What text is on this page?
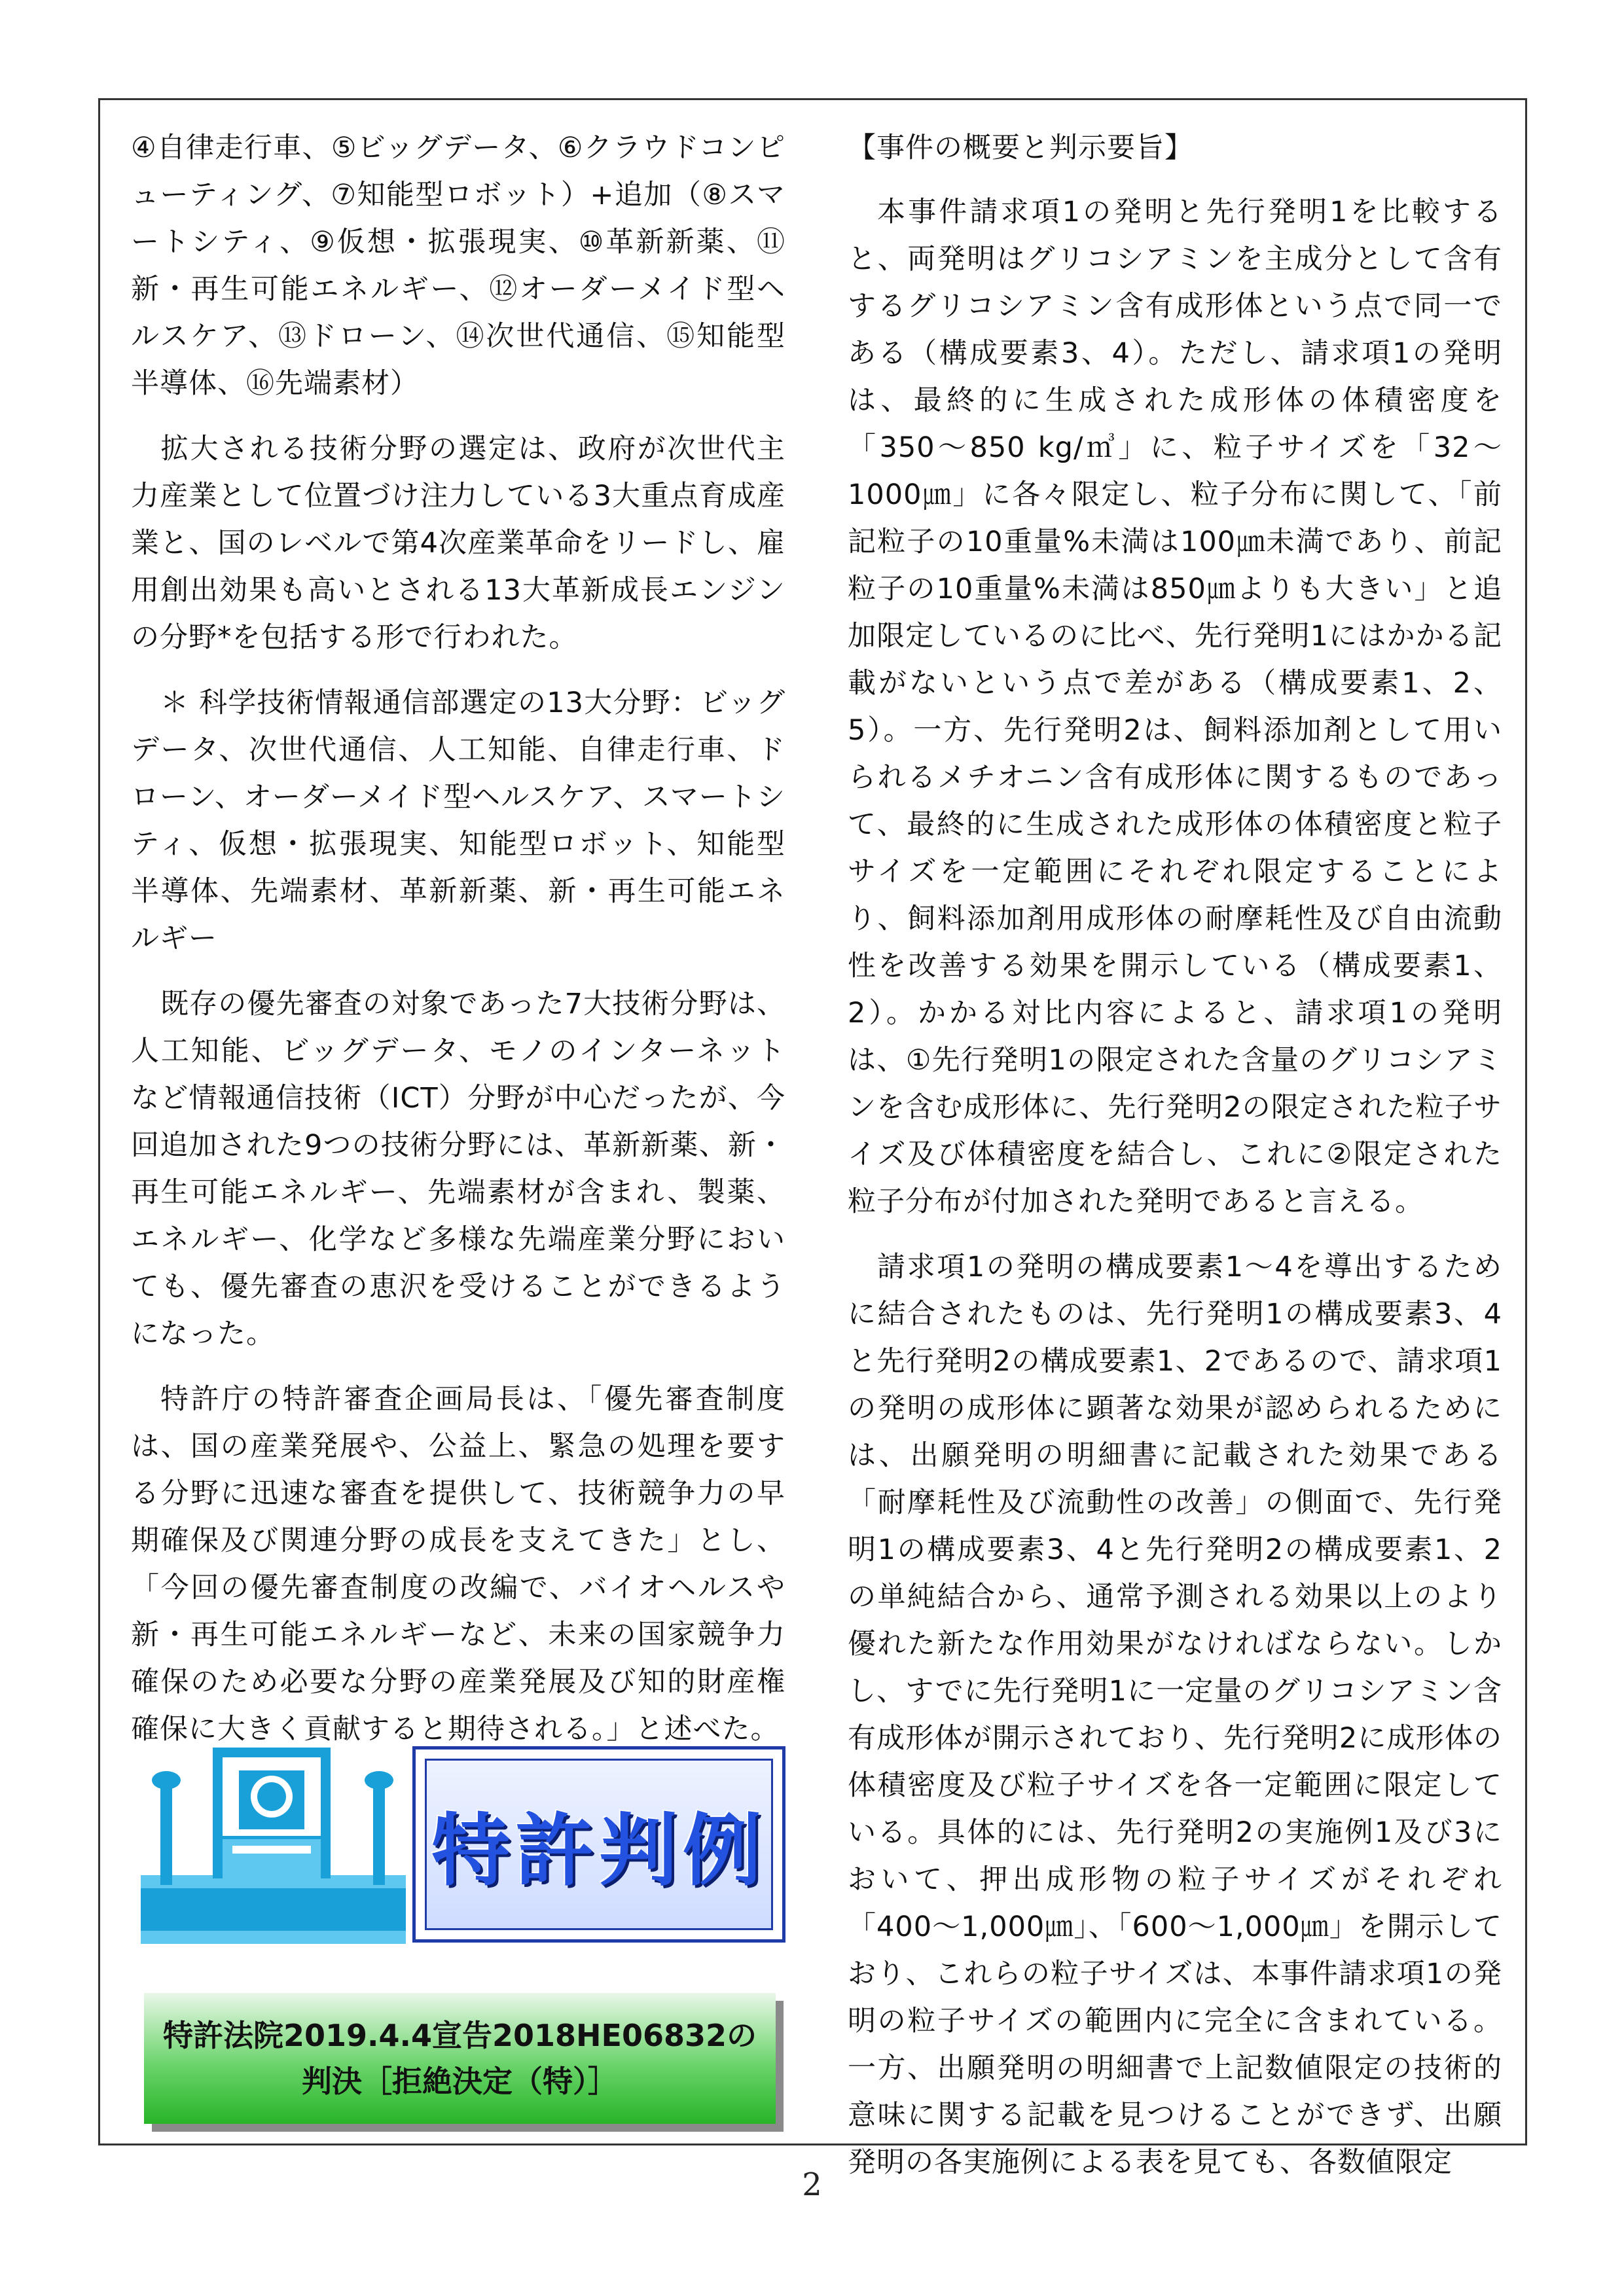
④自律走行車、⑤ビッグデータ、⑥クラウドコンピューティング、⑦知能型ロボット）+追加（⑧スマートシティ、⑨仮想・拡張現実、⑩革新新薬、⑪新・再生可能エネルギー、⑫オーダーメイド型ヘルスケア、⑬ドローン、⑭次世代通信、⑮知能型半導体、⑯先端素材）

拡大される技術分野の選定は、政府が次世代主力産業として位置づけ注力している3大重点育成産業と、国のレベルで第4次産業革命をリードし、雇用創出効果も高いとされる13大革新成長エンジンの分野*を包括する形で行われた。

＊ 科学技術情報通信部選定の13大分野：ビッグデータ、次世代通信、人工知能、自律走行車、ドローン、オーダーメイド型ヘルスケア、スマートシティ、仮想・拡張現実、知能型ロボット、知能型半導体、先端素材、革新新薬、新・再生可能エネルギー

既存の優先審査の対象であった7大技術分野は、人工知能、ビッグデータ、モノのインターネットなど情報通信技術（ICT）分野が中心だったが、今回追加された9つの技術分野には、革新新薬、新・再生可能エネルギー、先端素材が含まれ、製薬、エネルギー、化学など多様な先端産業分野においても、優先審査の恵沢を受けることができるようになった。

特許庁の特許審査企画局長は、「優先審査制度は、国の産業発展や、公益上、緊急の処理を要する分野に迅速な審査を提供して、技術競争力の早期確保及び関連分野の成長を支えてきた」とし、「今回の優先審査制度の改編で、バイオヘルスや新・再生可能エネルギーなど、未来の国家競争力確保のため必要な分野の産業発展及び知的財産権確保に大きく貢献すると期待される。」と述べた。

特許判例
特許法院2019.4.4宣告2018HE06832の
判決［拒絶決定（特）］

【事件の概要と判示要旨】

本事件請求項1の発明と先行発明1を比較すると、両発明はグリコシアミンを主成分として含有するグリコシアミン含有成形体という点で同一である（構成要素3、4）。ただし、請求項1の発明は、最終的に生成された成形体の体積密度を「350～850 kg/㎥」に、粒子サイズを「32～1000㎛」に各々限定し、粒子分布に関して、「前記粒子の10重量%未満は100㎛未満であり、前記粒子の10重量%未満は850㎛よりも大きい」と追加限定しているのに比べ、先行発明1にはかかる記載がないという点で差がある（構成要素1、2、5）。一方、先行発明2は、飼料添加剤として用いられるメチオニン含有成形体に関するものであって、最終的に生成された成形体の体積密度と粒子サイズを一定範囲にそれぞれ限定することにより、飼料添加剤用成形体の耐摩耗性及び自由流動性を改善する効果を開示している（構成要素1、2）。かかる対比内容によると、請求項1の発明は、①先行発明1の限定された含量のグリコシアミンを含む成形体に、先行発明2の限定された粒子サイズ及び体積密度を結合し、これに②限定された粒子分布が付加された発明であると言える。

請求項1の発明の構成要素1～4を導出するために結合されたものは、先行発明1の構成要素3、4と先行発明2の構成要素1、2であるので、請求項1の発明の成形体に顕著な効果が認められるためには、出願発明の明細書に記載された効果である「耐摩耗性及び流動性の改善」の側面で、先行発明1の構成要素3、4と先行発明2の構成要素1、2の単純結合から、通常予測される効果以上のより優れた新たな作用効果がなければならない。しかし、すでに先行発明1に一定量のグリコシアミン含有成形体が開示されており、先行発明2に成形体の体積密度及び粒子サイズを各一定範囲に限定している。具体的には、先行発明2の実施例1及び3において、押出成形物の粒子サイズがそれぞれ「400～1,000㎛」、「600～1,000㎛」を開示しており、これらの粒子サイズは、本事件請求項1の発明の粒子サイズの範囲内に完全に含まれている。一方、出願発明の明細書で上記数値限定の技術的意味に関する記載を見つけることができず、出願発明の各実施例による表を見ても、各数値限定

2
